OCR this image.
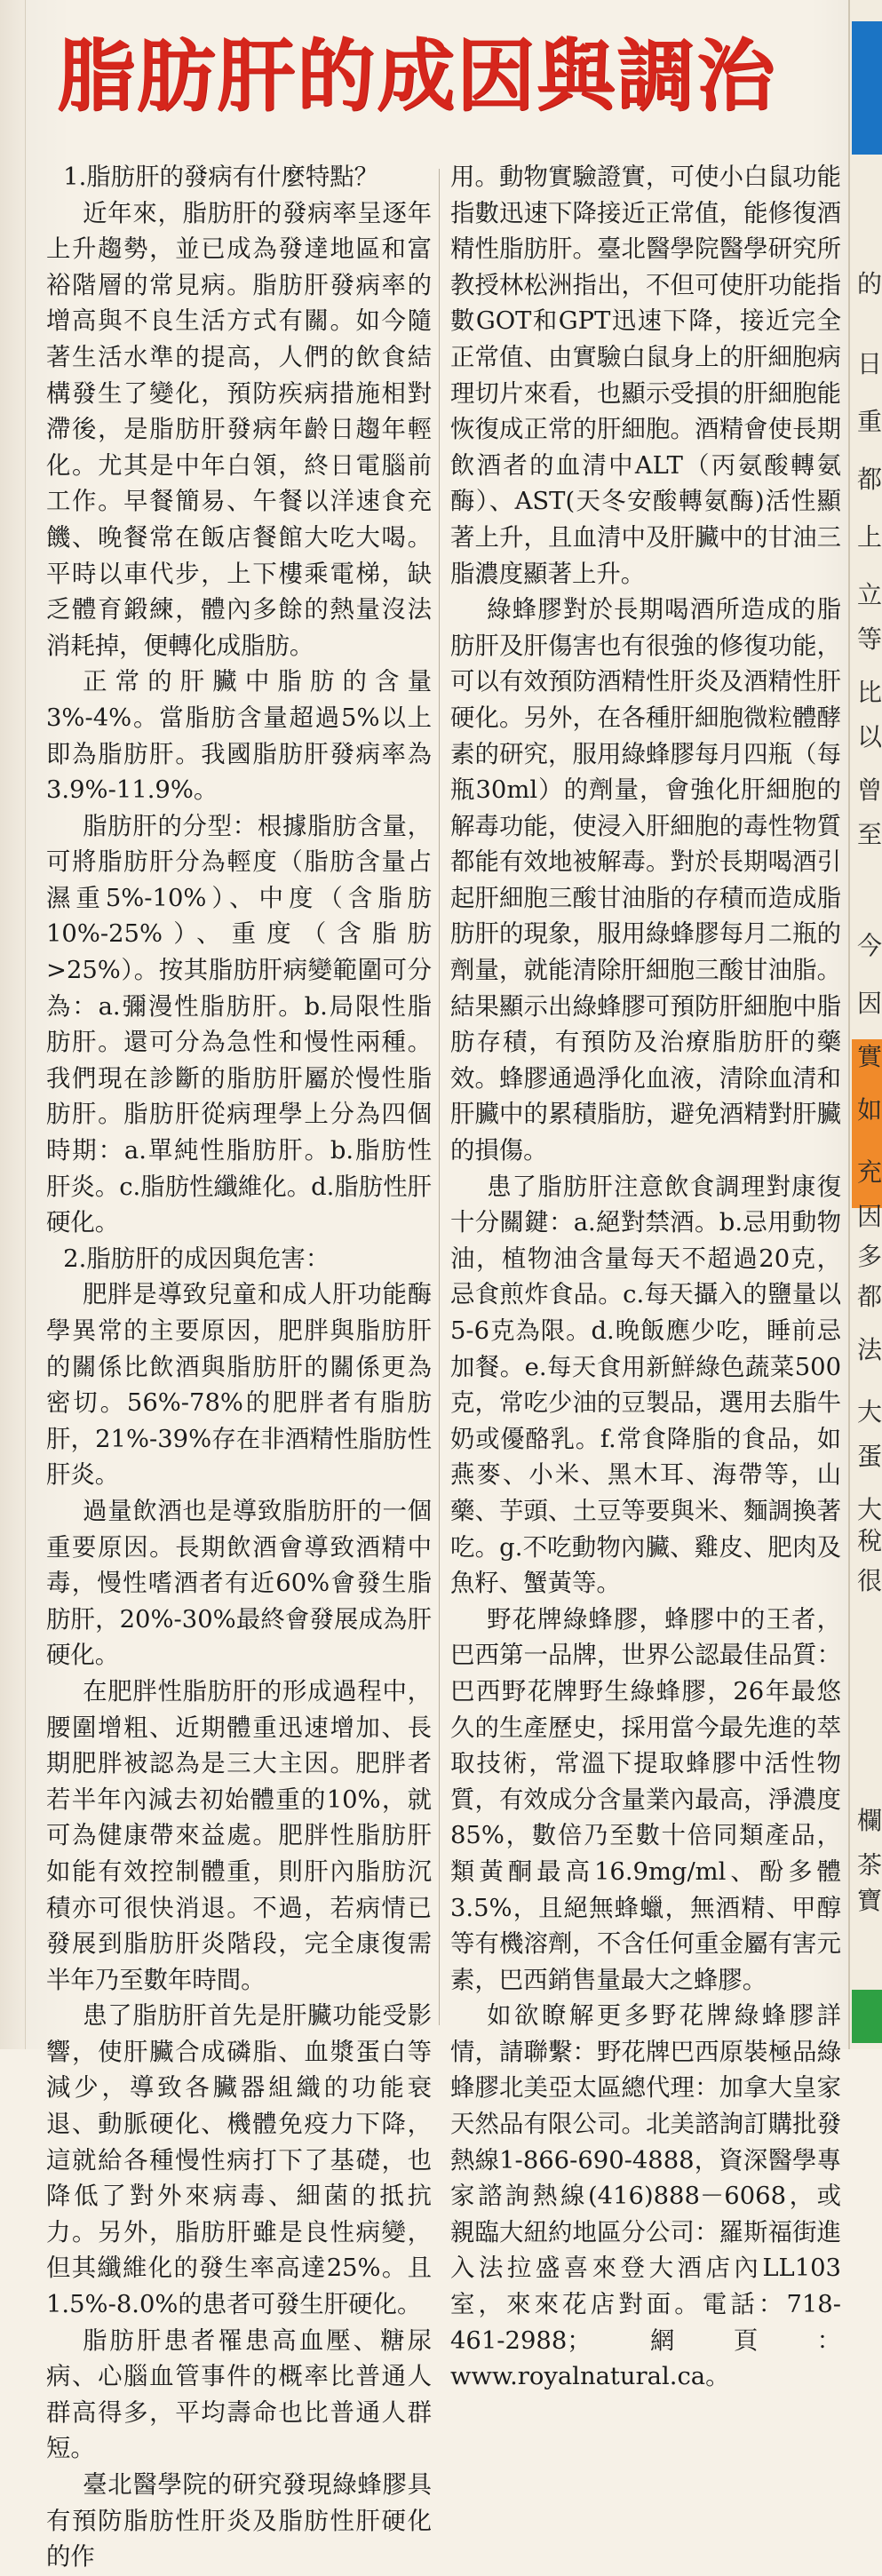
脂肪肝的成因與調治

1.脂肪肝的發病有什麼特點？

近年來，脂肪肝的發病率呈逐年上升趨勢，並已成為發達地區和富裕階層的常見病。脂肪肝發病率的增高與不良生活方式有關。如今隨著生活水準的提高，人們的飲食結構發生了變化，預防疾病措施相對滯後，是脂肪肝發病年齡日趨年輕化。尤其是中年白領，終日電腦前工作。早餐簡易、午餐以洋速食充饑、晚餐常在飯店餐館大吃大喝。平時以車代步，上下樓乘電梯，缺乏體育鍛練，體內多餘的熱量沒法消耗掉，便轉化成脂肪。

正常的肝臟中脂肪的含量3%-4%。當脂肪含量超過5%以上即為脂肪肝。我國脂肪肝發病率為3.9%-11.9%。

脂肪肝的分型：根據脂肪含量，可將脂肪肝分為輕度（脂肪含量占濕重5%-10%）、中度（含脂肪10%-25%）、重度（含脂肪>25%）。按其脂肪肝病變範圍可分為：a.彌漫性脂肪肝。b.局限性脂肪肝。還可分為急性和慢性兩種。我們現在診斷的脂肪肝屬於慢性脂肪肝。脂肪肝從病理學上分為四個時期：a.單純性脂肪肝。b.脂肪性肝炎。c.脂肪性纖維化。d.脂肪性肝硬化。

2.脂肪肝的成因與危害：

肥胖是導致兒童和成人肝功能酶學異常的主要原因，肥胖與脂肪肝的關係比飲酒與脂肪肝的關係更為密切。56%-78%的肥胖者有脂肪肝，21%-39%存在非酒精性脂肪性肝炎。

過量飲酒也是導致脂肪肝的一個重要原因。長期飲酒會導致酒精中毒，慢性嗜酒者有近60%會發生脂肪肝，20%-30%最終會發展成為肝硬化。

在肥胖性脂肪肝的形成過程中，腰圍增粗、近期體重迅速增加、長期肥胖被認為是三大主因。肥胖者若半年內減去初始體重的10%，就可為健康帶來益處。肥胖性脂肪肝如能有效控制體重，則肝內脂肪沉積亦可很快消退。不過，若病情已發展到脂肪肝炎階段，完全康復需半年乃至數年時間。

患了脂肪肝首先是肝臟功能受影響，使肝臟合成磷脂、血漿蛋白等減少，導致各臟器組織的功能衰退、動脈硬化、機體免疫力下降，這就給各種慢性病打下了基礎，也降低了對外來病毒、細菌的抵抗力。另外，脂肪肝雖是良性病變，但其纖維化的發生率高達25%。且1.5%-8.0%的患者可發生肝硬化。

脂肪肝患者罹患高血壓、糖尿病、心腦血管事件的概率比普通人群高得多，平均壽命也比普通人群短。

臺北醫學院的研究發現綠蜂膠具有預防脂肪性肝炎及脂肪性肝硬化的作

用。動物實驗證實，可使小白鼠功能指數迅速下降接近正常值，能修復酒精性脂肪肝。臺北醫學院醫學研究所教授林松洲指出，不但可使肝功能指數GOT和GPT迅速下降，接近完全正常值、由實驗白鼠身上的肝細胞病理切片來看，也顯示受損的肝細胞能恢復成正常的肝細胞。酒精會使長期飲酒者的血清中ALT（丙氨酸轉氨酶）、AST(天冬安酸轉氨酶)活性顯著上升，且血清中及肝臟中的甘油三脂濃度顯著上升。

綠蜂膠對於長期喝酒所造成的脂肪肝及肝傷害也有很強的修復功能，可以有效預防酒精性肝炎及酒精性肝硬化。另外，在各種肝細胞微粒體酵素的研究，服用綠蜂膠每月四瓶（每瓶30ml）的劑量，會強化肝細胞的解毒功能，使浸入肝細胞的毒性物質都能有效地被解毒。對於長期喝酒引起肝細胞三酸甘油脂的存積而造成脂肪肝的現象，服用綠蜂膠每月二瓶的劑量，就能清除肝細胞三酸甘油脂。結果顯示出綠蜂膠可預防肝細胞中脂肪存積，有預防及治療脂肪肝的藥效。蜂膠通過淨化血液，清除血清和肝臟中的累積脂肪，避免酒精對肝臟的損傷。

患了脂肪肝注意飲食調理對康復十分關鍵：a.絕對禁酒。b.忌用動物油，植物油含量每天不超過20克，忌食煎炸食品。c.每天攝入的鹽量以5-6克為限。d.晚飯應少吃，睡前忌加餐。e.每天食用新鮮綠色蔬菜500克，常吃少油的豆製品，選用去脂牛奶或優酪乳。f.常食降脂的食品，如燕麥、小米、黑木耳、海帶等，山藥、芋頭、土豆等要與米、麵調換著吃。g.不吃動物內臟、雞皮、肥肉及魚籽、蟹黃等。

野花牌綠蜂膠，蜂膠中的王者，巴西第一品牌，世界公認最佳品質：巴西野花牌野生綠蜂膠，26年最悠久的生產歷史，採用當今最先進的萃取技術，常溫下提取蜂膠中活性物質，有效成分含量業內最高，淨濃度85%，數倍乃至數十倍同類產品，類黃酮最高16.9mg/ml、酚多體3.5%，且絕無蜂蠟，無酒精、甲醇等有機溶劑，不含任何重金屬有害元素，巴西銷售量最大之蜂膠。

如欲瞭解更多野花牌綠蜂膠詳情，請聯繫：野花牌巴西原裝極品綠蜂膠北美亞太區總代理：加拿大皇家天然品有限公司。北美諮詢訂購批發熱線1-866-690-4888，資深醫學專家諮詢熱線(416)888－6068，或親臨大紐約地區分公司：羅斯福街進入法拉盛喜來登大酒店內LL103室，來來花店對面。電話：718-461-2988；網頁：www.royalnatural.ca。

的
日
重
都
上
立
等
比
以
曾
至
今
因
實
如
充
因
多
都
法
大
蛋
大
稅
很
欄
茶
寶
